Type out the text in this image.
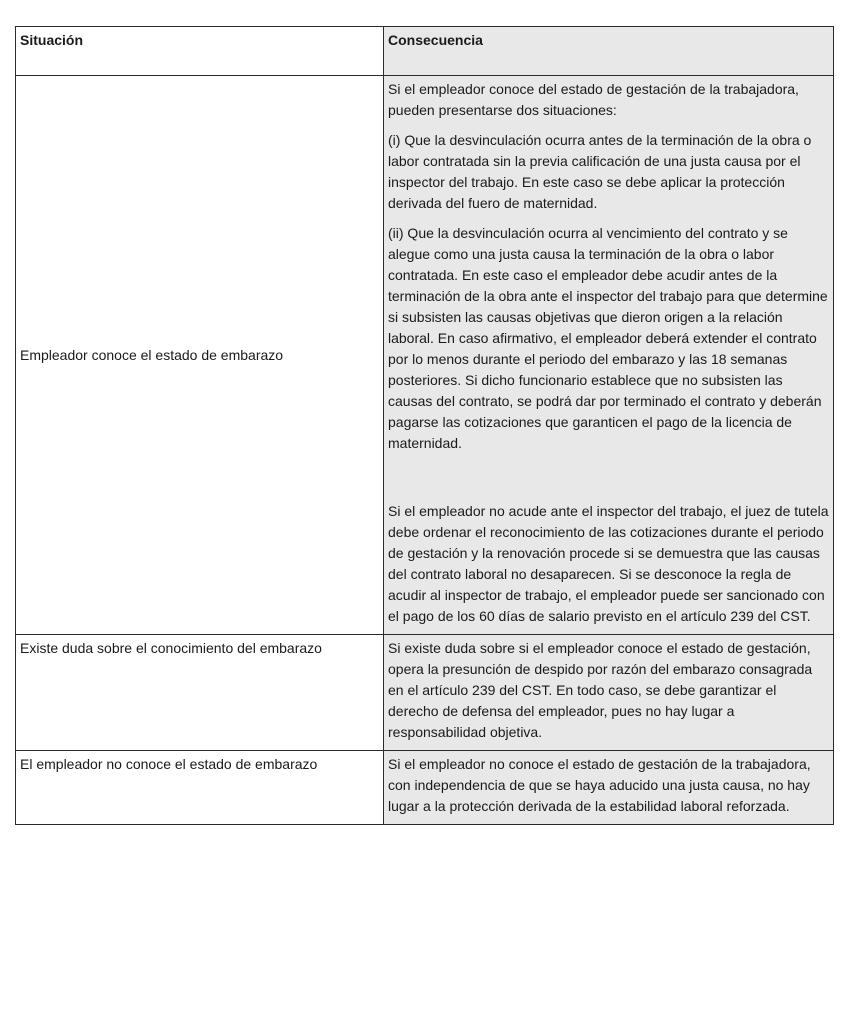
Situación	Consecuencia
Empleador conoce el estado de embarazo	Si el empleador conoce del estado de gestación de la trabajadora, pueden presentarse dos situaciones:

(i) Que la desvinculación ocurra antes de la terminación de la obra o labor contratada sin la previa calificación de una justa causa por el inspector del trabajo. En este caso se debe aplicar la protección derivada del fuero de maternidad.

(ii) Que la desvinculación ocurra al vencimiento del contrato y se alegue como una justa causa la terminación de la obra o labor contratada. En este caso el empleador debe acudir antes de la terminación de la obra ante el inspector del trabajo para que determine si subsisten las causas objetivas que dieron origen a la relación laboral. En caso afirmativo, el empleador deberá extender el contrato por lo menos durante el periodo del embarazo y las 18 semanas posteriores. Si dicho funcionario establece que no subsisten las causas del contrato, se podrá dar por terminado el contrato y deberán pagarse las cotizaciones que garanticen el pago de la licencia de maternidad.

Si el empleador no acude ante el inspector del trabajo, el juez de tutela debe ordenar el reconocimiento de las cotizaciones durante el periodo de gestación y la renovación procede si se demuestra que las causas del contrato laboral no desaparecen. Si se desconoce la regla de acudir al inspector de trabajo, el empleador puede ser sancionado con el pago de los 60 días de salario previsto en el artículo 239 del CST.

Existe duda sobre el conocimiento del embarazo	Si existe duda sobre si el empleador conoce el estado de gestación, opera la presunción de despido por razón del embarazo consagrada en el artículo 239 del CST. En todo caso, se debe garantizar el derecho de defensa del empleador, pues no hay lugar a responsabilidad objetiva.

El empleador no conoce el estado de embarazo	Si el empleador no conoce el estado de gestación de la trabajadora, con independencia de que se haya aducido una justa causa, no hay lugar a la protección derivada de la estabilidad laboral reforzada.
